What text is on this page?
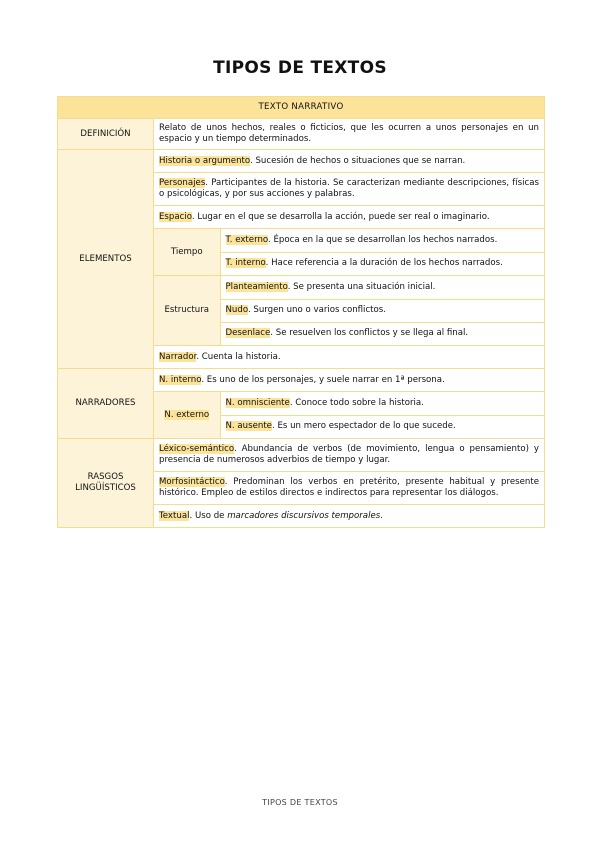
TIPOS DE TEXTOS
TEXTO NARRATIVO
DEFINICIÓN	Relato de unos hechos, reales o ficticios, que les ocurren a unos personajes en un espacio y un tiempo determinados.
ELEMENTOS	Historia o argumento. Sucesión de hechos o situaciones que se narran.
Personajes. Participantes de la historia. Se caracterizan mediante descripciones, físicas o psicológicas, y por sus acciones y palabras.
Espacio. Lugar en el que se desarrolla la acción, puede ser real o imaginario.

Tiempo	T. externo. Época en la que se desarrollan los hechos narrados.
T. interno. Hace referencia a la duración de los hechos narrados.

Estructura	Planteamiento. Se presenta una situación inicial.
Nudo. Surgen uno o varios conflictos.
Desenlace. Se resuelven los conflictos y se llega al final.

Narrador. Cuenta la historia.
NARRADORES	N. interno. Es uno de los personajes, y suele narrar en 1ª persona.

N. externo	N. omnisciente. Conoce todo sobre la historia.
N. ausente. Es un mero espectador de lo que sucede.

RASGOS
LINGÜÍSTICOS	Léxico-semántico. Abundancia de verbos (de movimiento, lengua o pensamiento) y presencia de numerosos adverbios de tiempo y lugar.
Morfosintáctico. Predominan los verbos en pretérito, presente habitual y presente histórico. Empleo de estilos directos e indirectos para representar los diálogos.
Textual. Uso de marcadores discursivos temporales.
TIPOS DE TEXTOS
